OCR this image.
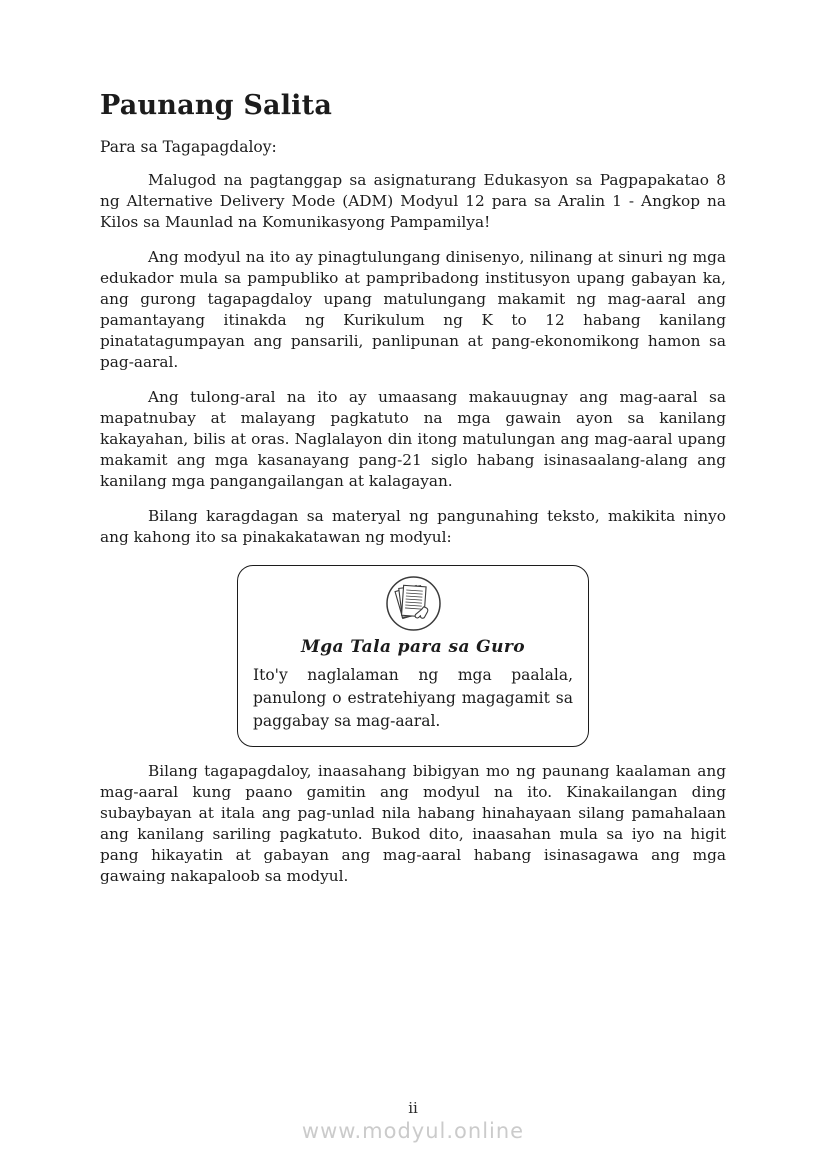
Paunang Salita

Para sa Tagapagdaloy:

Malugod na pagtanggap sa asignaturang Edukasyon sa Pagpapakatao 8 ng Alternative Delivery Mode (ADM) Modyul 12 para sa Aralin 1 - Angkop na Kilos sa Maunlad na Komunikasyong Pampamilya!

Ang modyul na ito ay pinagtulungang dinisenyo, nilinang at sinuri ng mga edukador mula sa pampubliko at pampribadong institusyon upang gabayan ka, ang gurong tagapagdaloy upang matulungang makamit ng mag-aaral ang pamantayang itinakda ng Kurikulum ng K to 12 habang kanilang pinatatagumpayan ang pansarili, panlipunan at pang-ekonomikong hamon sa pag-aaral.

Ang tulong-aral na ito ay umaasang makauugnay ang mag-aaral sa mapatnubay at malayang pagkatuto na mga gawain ayon sa kanilang kakayahan, bilis at oras. Naglalayon din itong matulungan ang mag-aaral upang makamit ang mga kasanayang pang-21 siglo habang isinasaalang-alang ang kanilang mga pangangailangan at kalagayan.

Bilang karagdagan sa materyal ng pangunahing teksto, makikita ninyo ang kahong ito sa pinakakatawan ng modyul:

Mga Tala para sa Guro

Ito'y naglalaman ng mga paalala, panulong o estratehiyang magagamit sa paggabay sa mag-aaral.

Bilang tagapagdaloy, inaasahang bibigyan mo ng paunang kaalaman ang mag-aaral kung paano gamitin ang modyul na ito. Kinakailangan ding subaybayan at itala ang pag-unlad nila habang hinahayaan silang pamahalaan ang kanilang sariling pagkatuto. Bukod dito, inaasahan mula sa iyo na higit pang hikayatin at gabayan ang mag-aaral habang isinasagawa ang mga gawaing nakapaloob sa modyul.

ii
www.modyul.online
